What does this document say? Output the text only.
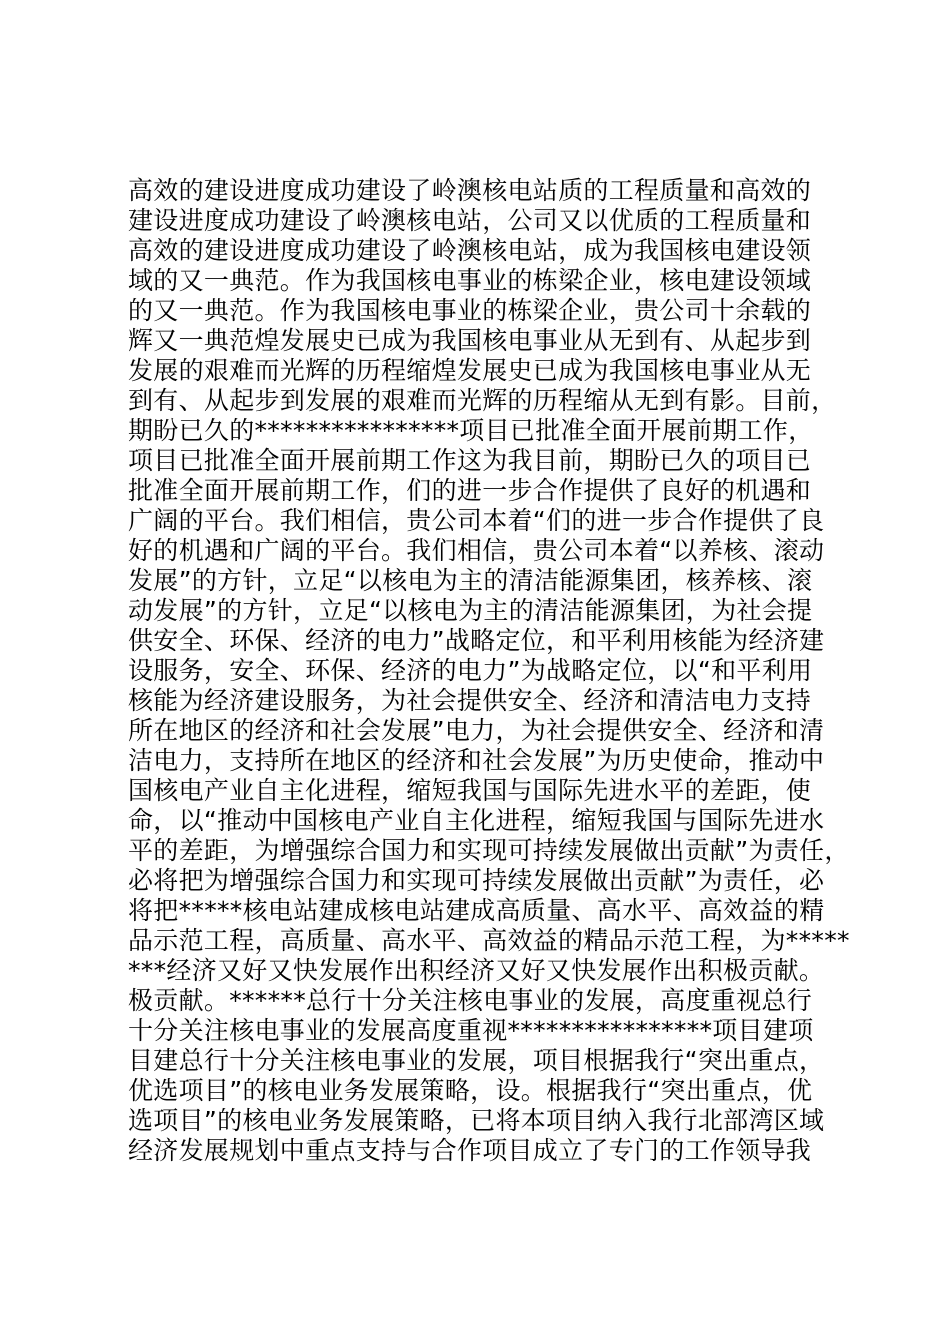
高效的建设进度成功建设了岭澳核电站质的工程质量和高效的
建设进度成功建设了岭澳核电站，公司又以优质的工程质量和
高效的建设进度成功建设了岭澳核电站，成为我国核电建设领
域的又一典范。作为我国核电事业的栋梁企业，核电建设领域
的又一典范。作为我国核电事业的栋梁企业，贵公司十余载的
辉又一典范煌发展史已成为我国核电事业从无到有、从起步到
发展的艰难而光辉的历程缩煌发展史已成为我国核电事业从无
到有、从起步到发展的艰难而光辉的历程缩从无到有影。目前，
期盼已久的****************项目已批准全面开展前期工作，
项目已批准全面开展前期工作这为我目前，期盼已久的项目已
批准全面开展前期工作，们的进一步合作提供了良好的机遇和
广阔的平台。我们相信，贵公司本着“们的进一步合作提供了良
好的机遇和广阔的平台。我们相信，贵公司本着“以养核、滚动
发展”的方针，立足“以核电为主的清洁能源集团，核养核、滚
动发展”的方针，立足“以核电为主的清洁能源集团，为社会提
供安全、环保、经济的电力”战略定位，和平利用核能为经济建
设服务，安全、环保、经济的电力”为战略定位，以“和平利用
核能为经济建设服务，为社会提供安全、经济和清洁电力支持
所在地区的经济和社会发展”电力，为社会提供安全、经济和清
洁电力，支持所在地区的经济和社会发展”为历史使命，推动中
国核电产业自主化进程，缩短我国与国际先进水平的差距，使
命，以“推动中国核电产业自主化进程，缩短我国与国际先进水
平的差距，为增强综合国力和实现可持续发展做出贡献”为责任，
必将把为增强综合国力和实现可持续发展做出贡献”为责任，必
将把*****核电站建成核电站建成高质量、高水平、高效益的精
品示范工程，高质量、高水平、高效益的精品示范工程，为*****
***经济又好又快发展作出积经济又好又快发展作出积极贡献。
极贡献。******总行十分关注核电事业的发展，高度重视总行
十分关注核电事业的发展高度重视****************项目建项
目建总行十分关注核电事业的发展，项目根据我行“突出重点，
优选项目”的核电业务发展策略，设。根据我行“突出重点，优
选项目”的核电业务发展策略，已将本项目纳入我行北部湾区域
经济发展规划中重点支持与合作项目成立了专门的工作领导我
